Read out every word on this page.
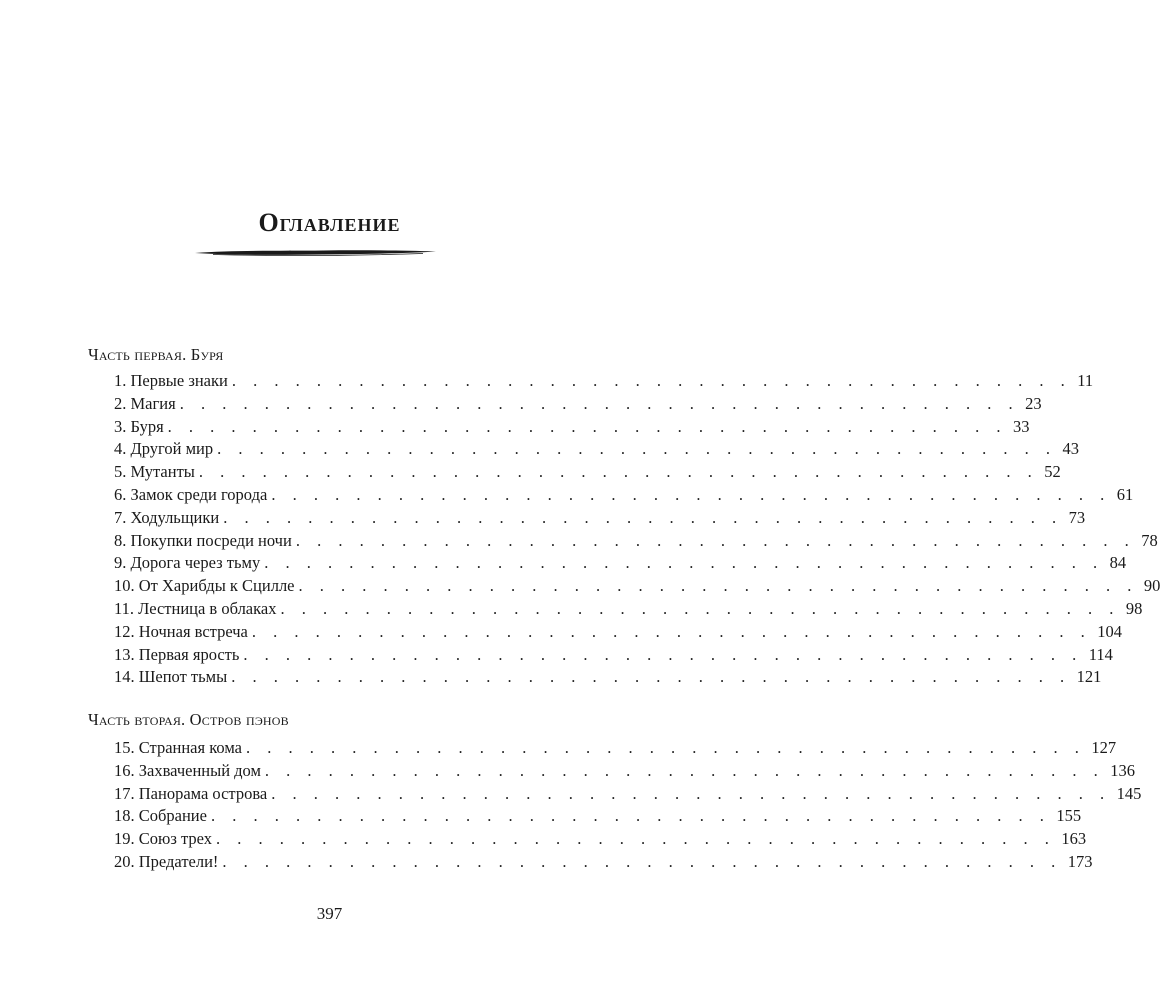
Оглавление
Часть первая. Буря
1. Первые знаки . . . . . . . . . . . . . . . . . . . . . . . . . . . . . . . . . . . . . . . . 11
2. Магия . . . . . . . . . . . . . . . . . . . . . . . . . . . . . . . . . . . . . . . . 23
3. Буря . . . . . . . . . . . . . . . . . . . . . . . . . . . . . . . . . . . . . . . . 33
4. Другой мир . . . . . . . . . . . . . . . . . . . . . . . . . . . . . . . . . . . . . . . . 43
5. Мутанты . . . . . . . . . . . . . . . . . . . . . . . . . . . . . . . . . . . . . . . . 52
6. Замок среди города . . . . . . . . . . . . . . . . . . . . . . . . . . . . . . . . . . . . . . . . 61
7. Ходульщики . . . . . . . . . . . . . . . . . . . . . . . . . . . . . . . . . . . . . . . . 73
8. Покупки посреди ночи . . . . . . . . . . . . . . . . . . . . . . . . . . . . . . . . . . . . . . . . 78
9. Дорога через тьму . . . . . . . . . . . . . . . . . . . . . . . . . . . . . . . . . . . . . . . . 84
10. От Харибды к Сцилле . . . . . . . . . . . . . . . . . . . . . . . . . . . . . . . . . . . . . . . . 90
11. Лестница в облаках . . . . . . . . . . . . . . . . . . . . . . . . . . . . . . . . . . . . . . . . 98
12. Ночная встреча . . . . . . . . . . . . . . . . . . . . . . . . . . . . . . . . . . . . . . . . 104
13. Первая ярость . . . . . . . . . . . . . . . . . . . . . . . . . . . . . . . . . . . . . . . . 114
14. Шепот тьмы . . . . . . . . . . . . . . . . . . . . . . . . . . . . . . . . . . . . . . . . 121
Часть вторая. Остров пэнов
15. Странная кома . . . . . . . . . . . . . . . . . . . . . . . . . . . . . . . . . . . . . . . . 127
16. Захваченный дом . . . . . . . . . . . . . . . . . . . . . . . . . . . . . . . . . . . . . . . . 136
17. Панорама острова . . . . . . . . . . . . . . . . . . . . . . . . . . . . . . . . . . . . . . . . 145
18. Собрание . . . . . . . . . . . . . . . . . . . . . . . . . . . . . . . . . . . . . . . . 155
19. Союз трех . . . . . . . . . . . . . . . . . . . . . . . . . . . . . . . . . . . . . . . . 163
20. Предатели! . . . . . . . . . . . . . . . . . . . . . . . . . . . . . . . . . . . . . . . . 173
397
